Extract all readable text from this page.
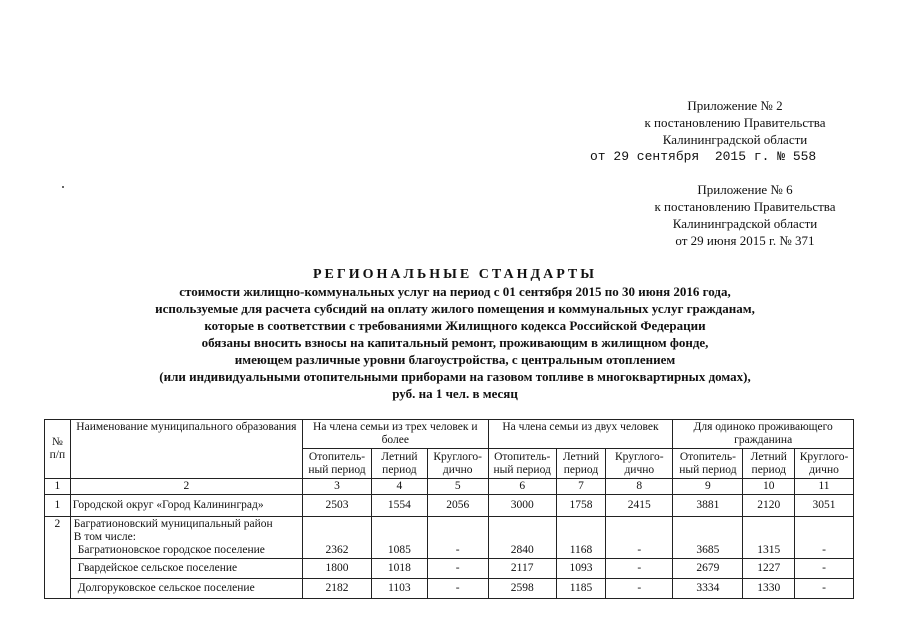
Приложение № 2
к постановлению Правительства
Калининградской области
от 29 сентября  2015 г. № 558
Приложение № 6
к постановлению Правительства
Калининградской области
от 29 июня 2015 г. № 371
РЕГИОНАЛЬНЫЕ СТАНДАРТЫ
стоимости жилищно-коммунальных услуг на период с 01 сентября 2015 по 30 июня 2016 года,
используемые для расчета субсидий на оплату жилого помещения и коммунальных услуг гражданам,
которые в соответствии с требованиями Жилищного кодекса Российской Федерации
обязаны вносить взносы на капитальный ремонт, проживающим в жилищном фонде,
имеющем различные уровни благоустройства, с центральным отоплением
(или индивидуальными отопительными приборами на газовом топливе в многоквартирных домах),
руб. на 1 чел. в месяц
№ п/п	Наименование муниципального образования	На члена семьи из трех человек и более			На члена семьи из двух человек			Для одиноко проживающего гражданина		
		Отопитель-ный период	Летний период	Круглого-дично	Отопитель-ный период	Летний период	Круглого-дично	Отопитель-ный период	Летний период	Круглого-дично
1	2	3	4	5	6	7	8	9	10	11
1	Городской округ «Город Калининград»	2503	1554	2056	3000	1758	2415	3881	2120	3051
2	Багратионовский муниципальный район
В том числе:
Багратионовское городское поселение	2362	1085	-	2840	1168	-	3685	1315	-
	Гвардейское сельское поселение	1800	1018	-	2117	1093	-	2679	1227	-
	Долгоруковское сельское поселение	2182	1103	-	2598	1185	-	3334	1330	-
